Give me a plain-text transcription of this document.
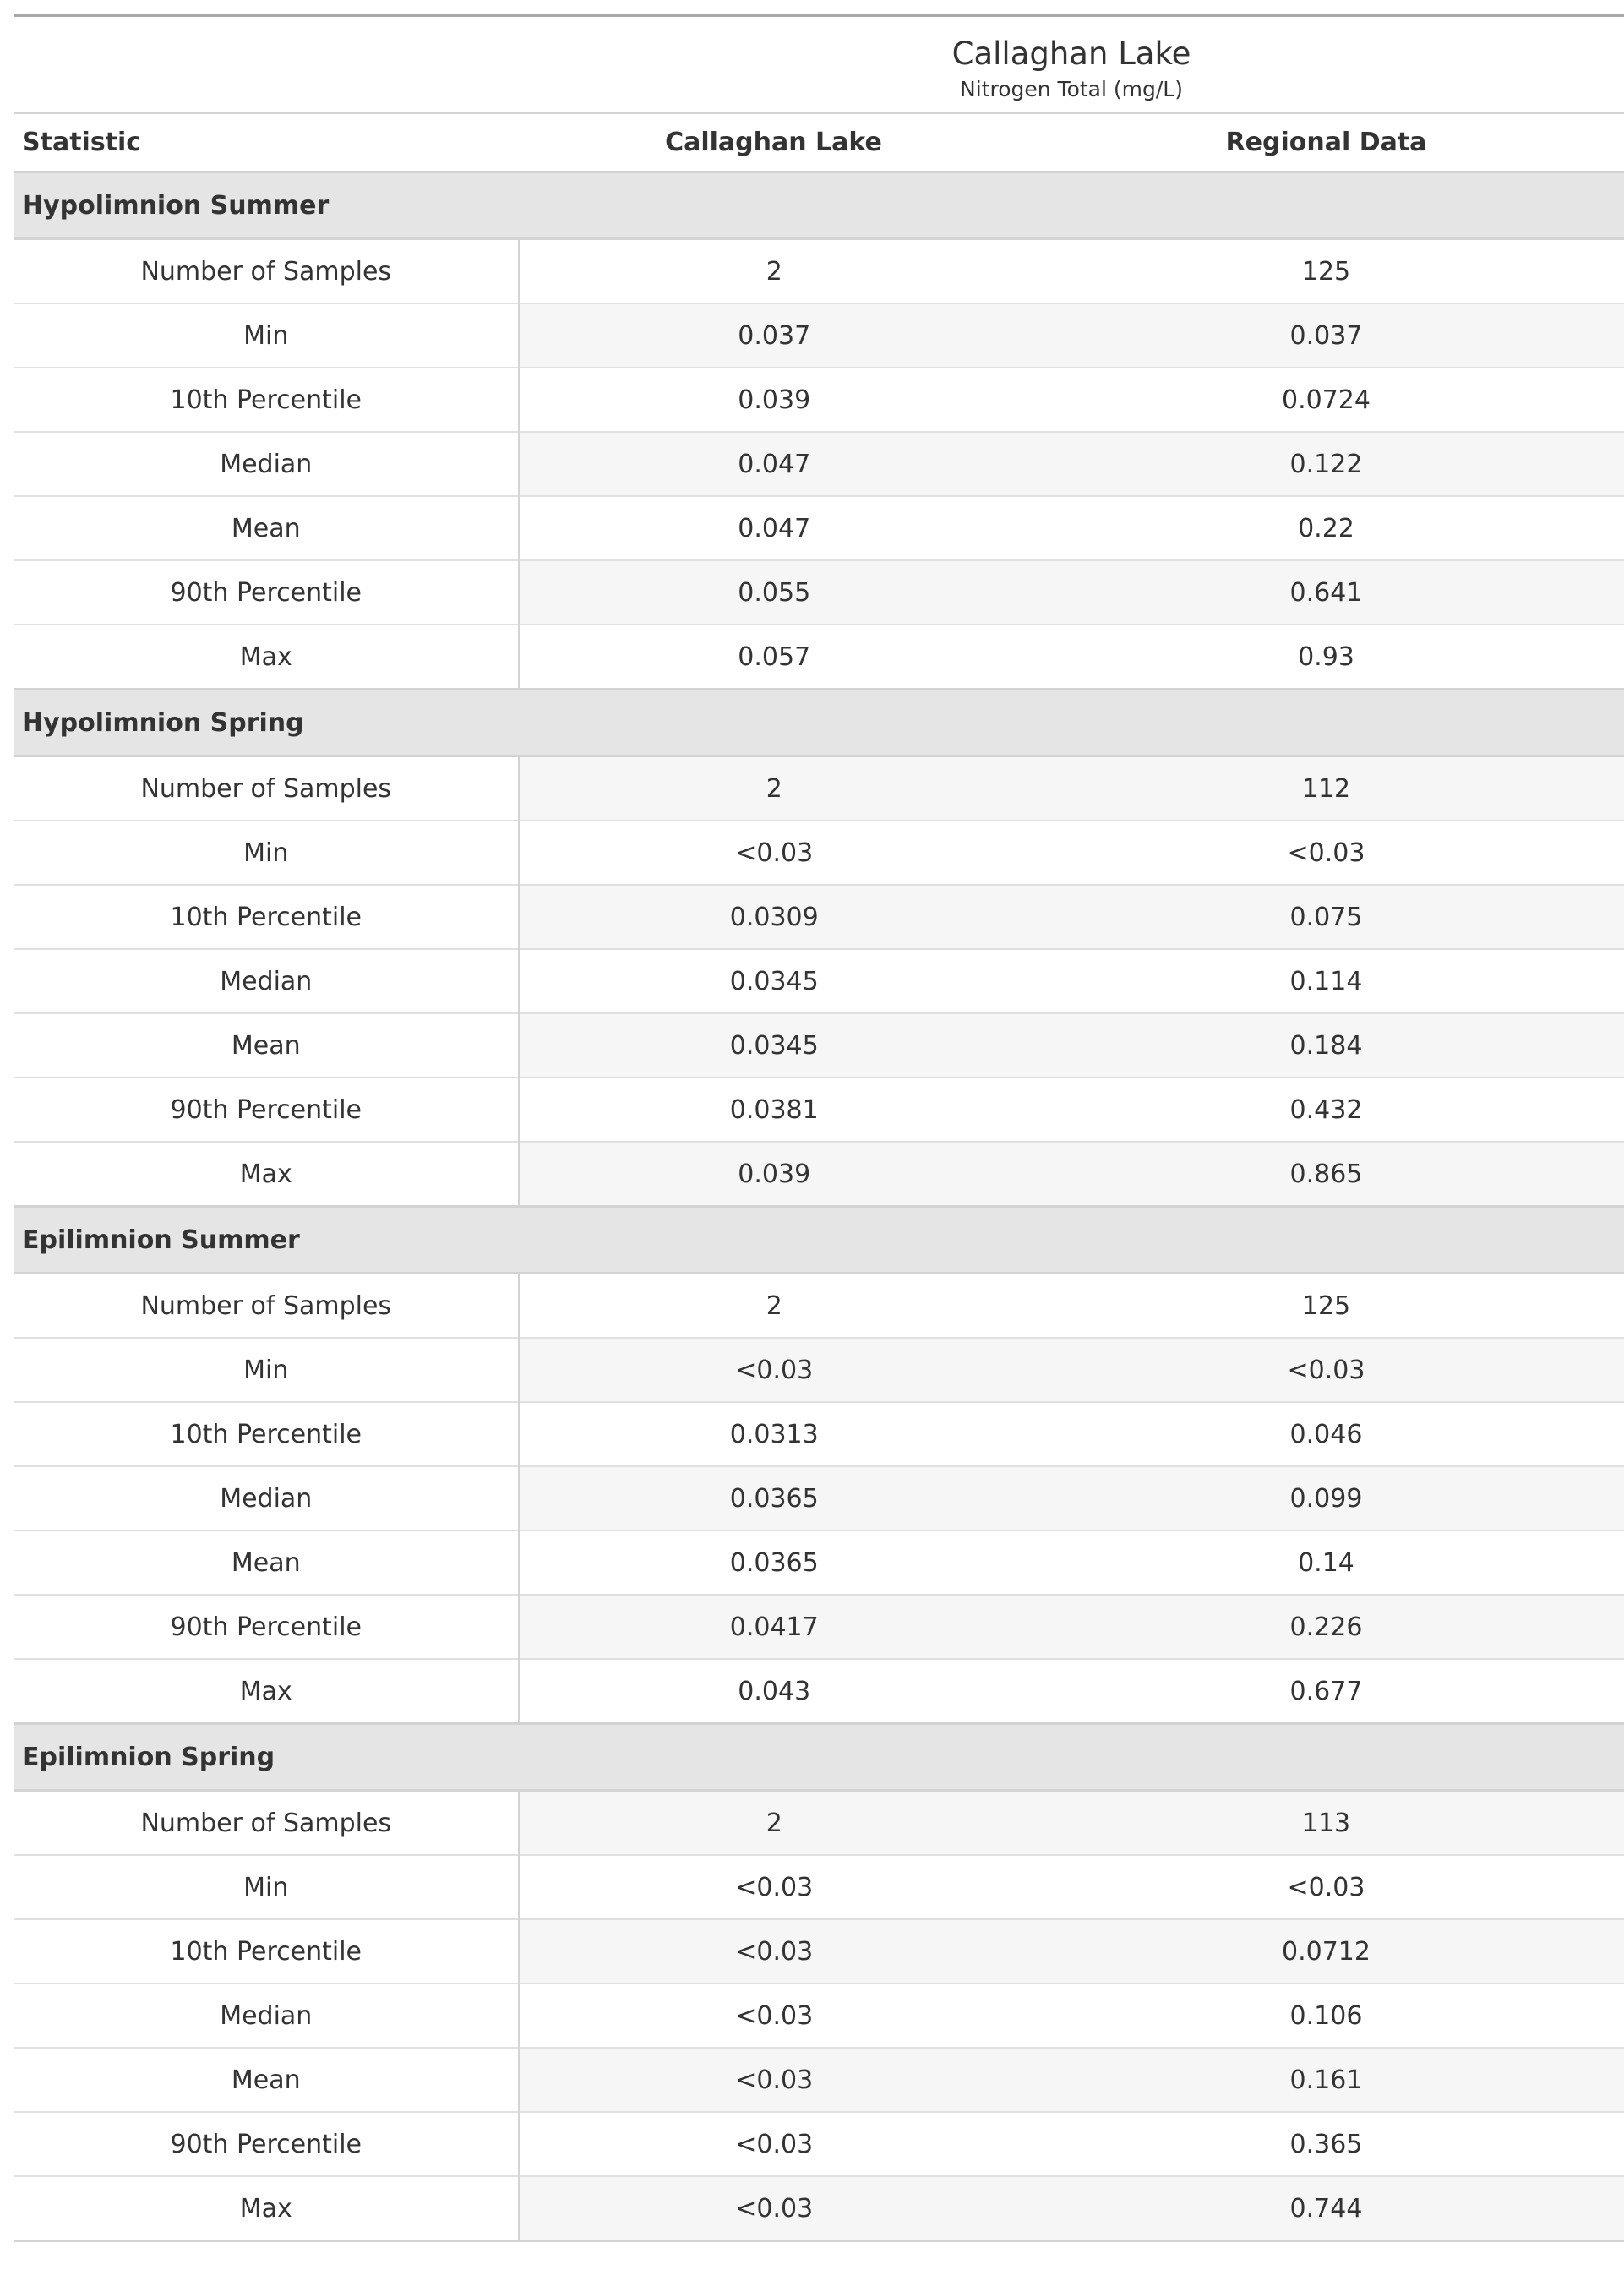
	Callaghan Lake	
	Nitrogen Total (mg/L)	
Statistic	Callaghan Lake	Regional Data
Hypolimnion Summer		
Number of Samples	2	125
Min	0.037	0.037
10th Percentile	0.039	0.0724
Median	0.047	0.122
Mean	0.047	0.22
90th Percentile	0.055	0.641
Max	0.057	0.93
Hypolimnion Spring		
Number of Samples	2	112
Min	<0.03	<0.03
10th Percentile	0.0309	0.075
Median	0.0345	0.114
Mean	0.0345	0.184
90th Percentile	0.0381	0.432
Max	0.039	0.865
Epilimnion Summer		
Number of Samples	2	125
Min	<0.03	<0.03
10th Percentile	0.0313	0.046
Median	0.0365	0.099
Mean	0.0365	0.14
90th Percentile	0.0417	0.226
Max	0.043	0.677
Epilimnion Spring		
Number of Samples	2	113
Min	<0.03	<0.03
10th Percentile	<0.03	0.0712
Median	<0.03	0.106
Mean	<0.03	0.161
90th Percentile	<0.03	0.365
Max	<0.03	0.744
